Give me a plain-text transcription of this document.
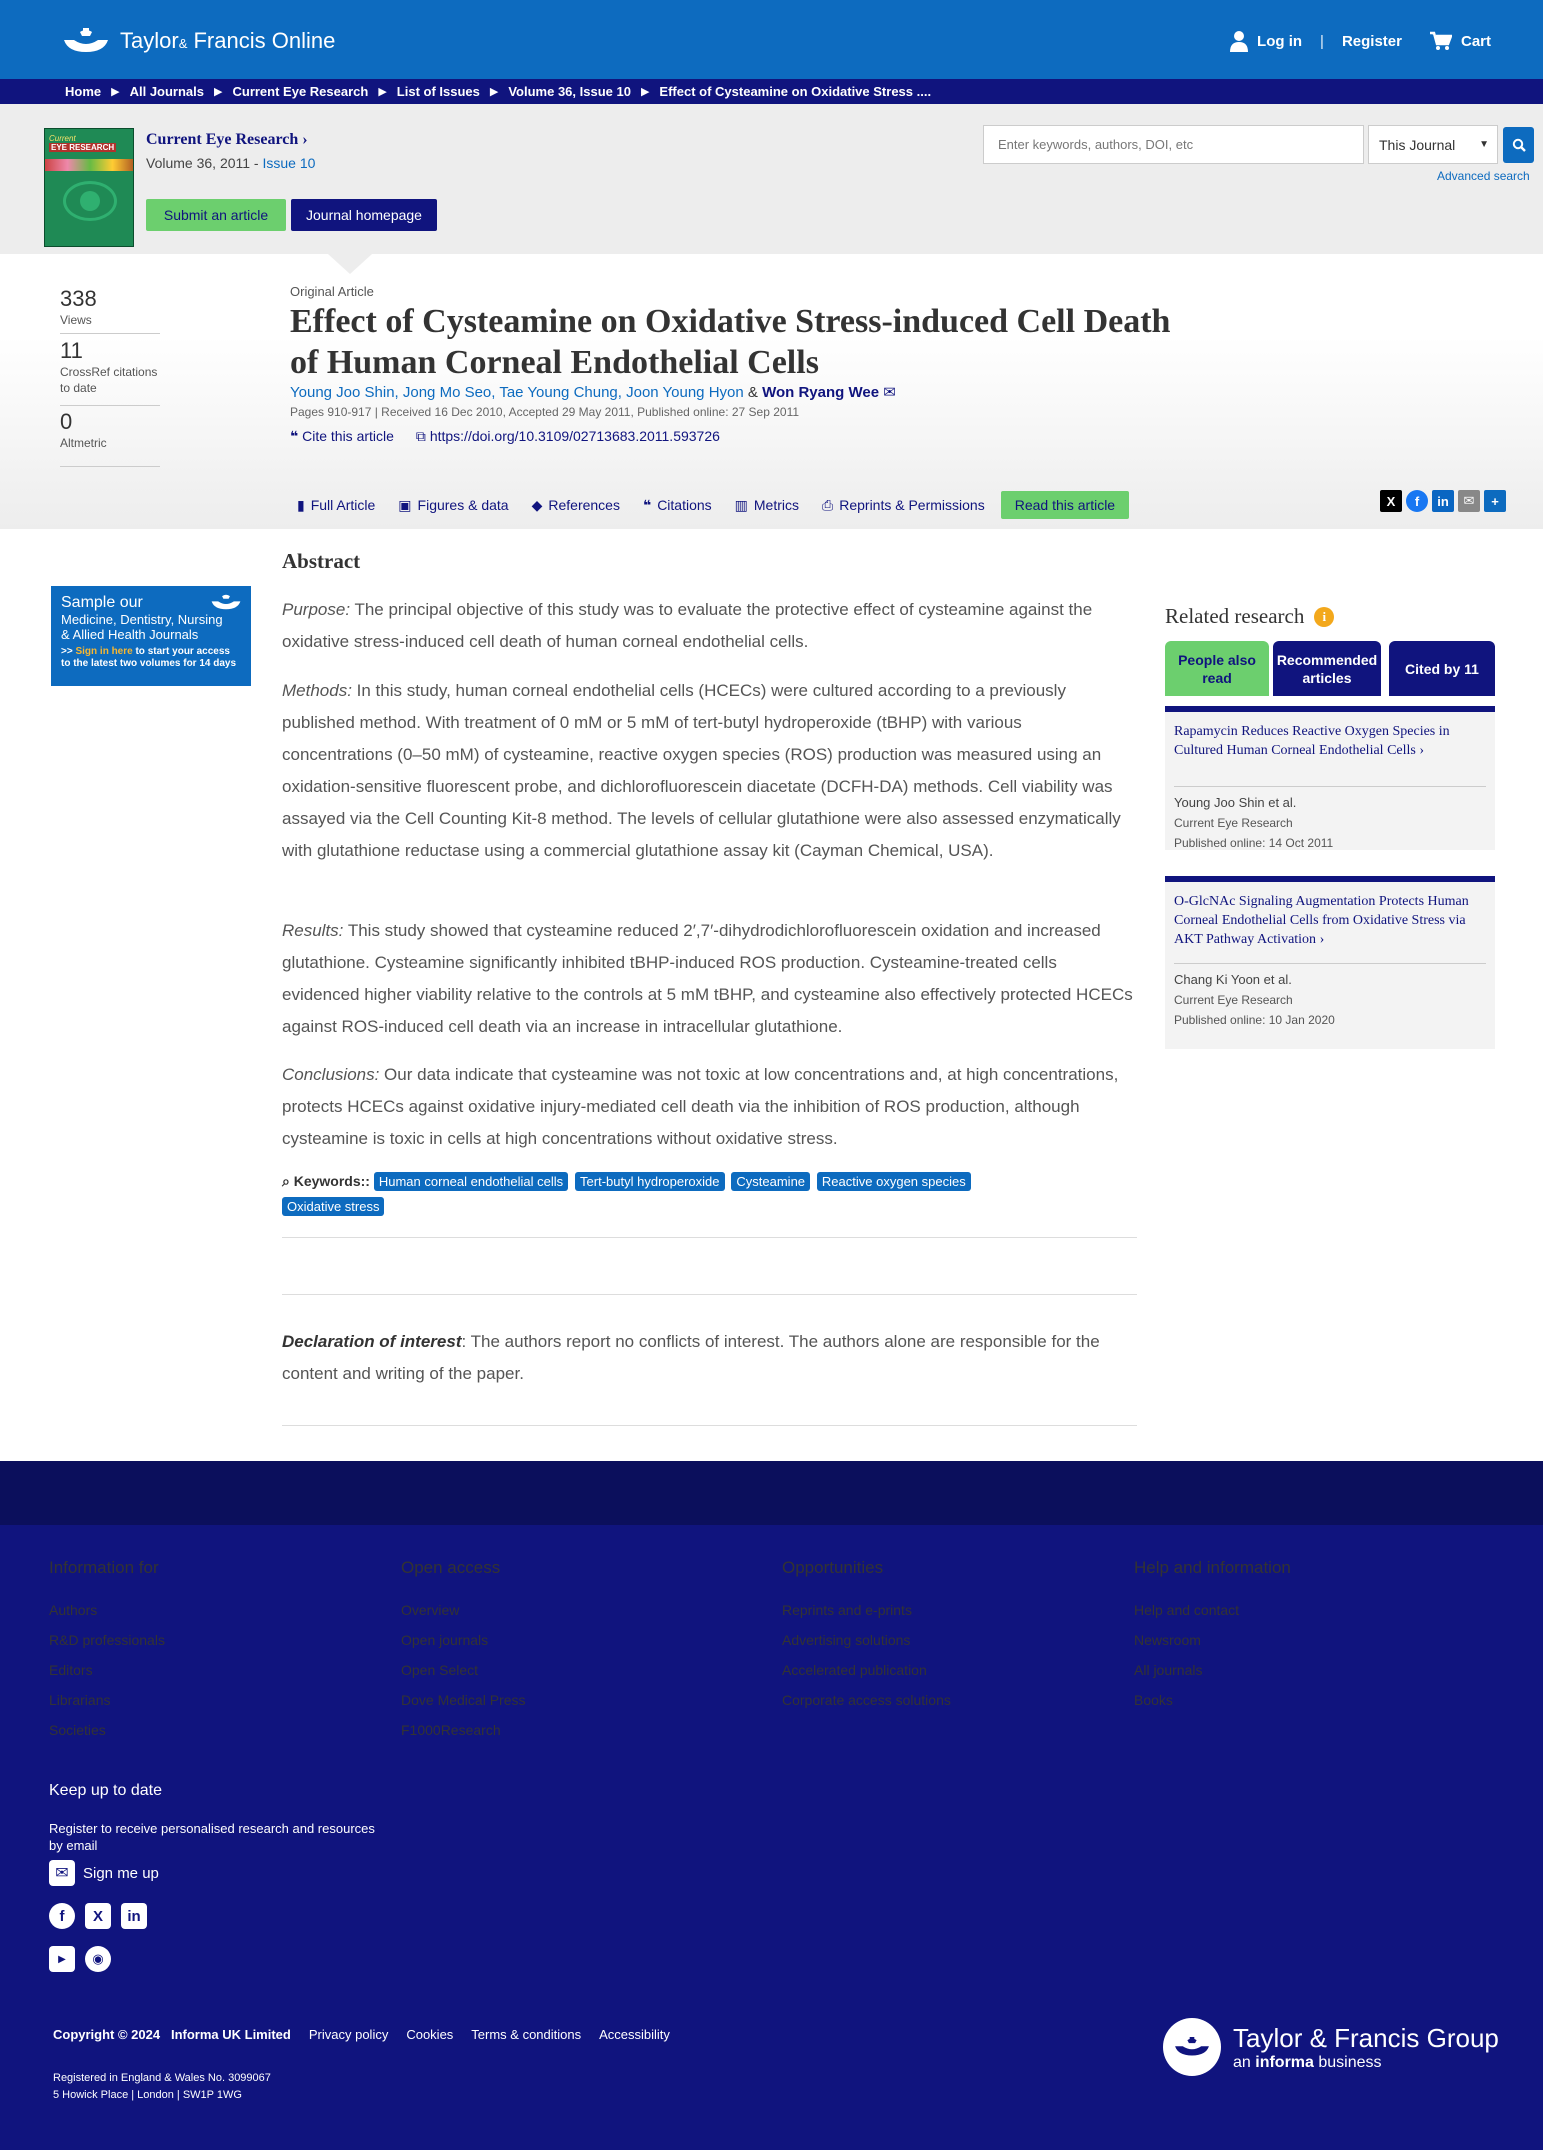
Taylor& Francis Online	Log in | Register	Cart
Home ▶ All Journals ▶ Current Eye Research ▶ List of Issues ▶ Volume 36, Issue 10 ▶ Effect of Cysteamine on Oxidative Stress ....
Current
EYE RESEARCH Current Eye Research ›
Volume 36, 2011 - Issue 10
Submit an article	Journal homepage
Enter keywords, authors, DOI, etc	This Journal ▼
Advanced search
338
Views
11
CrossRef citations to date
0
Altmetric
Original Article
Effect of Cysteamine on Oxidative Stress-induced Cell Death of Human Corneal Endothelial Cells
Young Joo Shin, Jong Mo Seo, Tae Young Chung, Joon Young Hyon & Won Ryang Wee ✉
Pages 910-917 | Received 16 Dec 2010, Accepted 29 May 2011, Published online: 27 Sep 2011
❝ Cite this article ⧉ https://doi.org/10.3109/02713683.2011.593726
▮ Full Article ▣ Figures & data ◆ References ❝ Citations ▥ Metrics ⎙ Reprints & Permissions	Read this article	X	f	in	✉	+
Sample our
Medicine, Dentistry, Nursing
& Allied Health Journals
>> Sign in here to start your access
to the latest two volumes for 14 days
Abstract

Purpose: The principal objective of this study was to evaluate the protective effect of cysteamine against the oxidative stress-induced cell death of human corneal endothelial cells.

Methods: In this study, human corneal endothelial cells (HCECs) were cultured according to a previously published method. With treatment of 0 mM or 5 mM of tert-butyl hydroperoxide (tBHP) with various concentrations (0–50 mM) of cysteamine, reactive oxygen species (ROS) production was measured using an oxidation-sensitive fluorescent probe, and dichlorofluorescein diacetate (DCFH-DA) methods. Cell viability was assayed via the Cell Counting Kit-8 method. The levels of cellular glutathione were also assessed enzymatically with glutathione reductase using a commercial glutathione assay kit (Cayman Chemical, USA).

Results: This study showed that cysteamine reduced 2′,7′-dihydrodichlorofluorescein oxidation and increased glutathione. Cysteamine significantly inhibited tBHP-induced ROS production. Cysteamine-treated cells evidenced higher viability relative to the controls at 5 mM tBHP, and cysteamine also effectively protected HCECs against ROS-induced cell death via an increase in intracellular glutathione.

Conclusions: Our data indicate that cysteamine was not toxic at low concentrations and, at high concentrations, protects HCECs against oxidative injury-mediated cell death via the inhibition of ROS production, although cysteamine is toxic in cells at high concentrations without oxidative stress.

⌕ Keywords:: Human corneal endothelial cells Tert-butyl hydroperoxide Cysteamine Reactive oxygen species
Oxidative stress

Declaration of interest: The authors report no conflicts of interest. The authors alone are responsible for the content and writing of the paper.

Related research	i
People also read
Recommended articles
Cited by 11
Rapamycin Reduces Reactive Oxygen Species in Cultured Human Corneal Endothelial Cells ›
Young Joo Shin et al.
Current Eye Research
Published online: 14 Oct 2011
O-GlcNAc Signaling Augmentation Protects Human Corneal Endothelial Cells from Oxidative Stress via AKT Pathway Activation ›
Chang Ki Yoon et al.
Current Eye Research
Published online: 10 Jan 2020
Information for
Authors
R&D professionals
Editors
Librarians
Societies
Open access
Overview
Open journals
Open Select
Dove Medical Press
F1000Research
Opportunities
Reprints and e-prints
Advertising solutions
Accelerated publication
Corporate access solutions
Help and information
Help and contact
Newsroom
All journals
Books
Keep up to date
Register to receive personalised research and resources by email
✉ Sign me up
f	X	in
▶	◉
Copyright © 2024 Informa UK Limited Privacy policy Cookies Terms & conditions Accessibility
Registered in England & Wales No. 3099067
5 Howick Place | London | SW1P 1WG
Taylor & Francis Group
an informa business
